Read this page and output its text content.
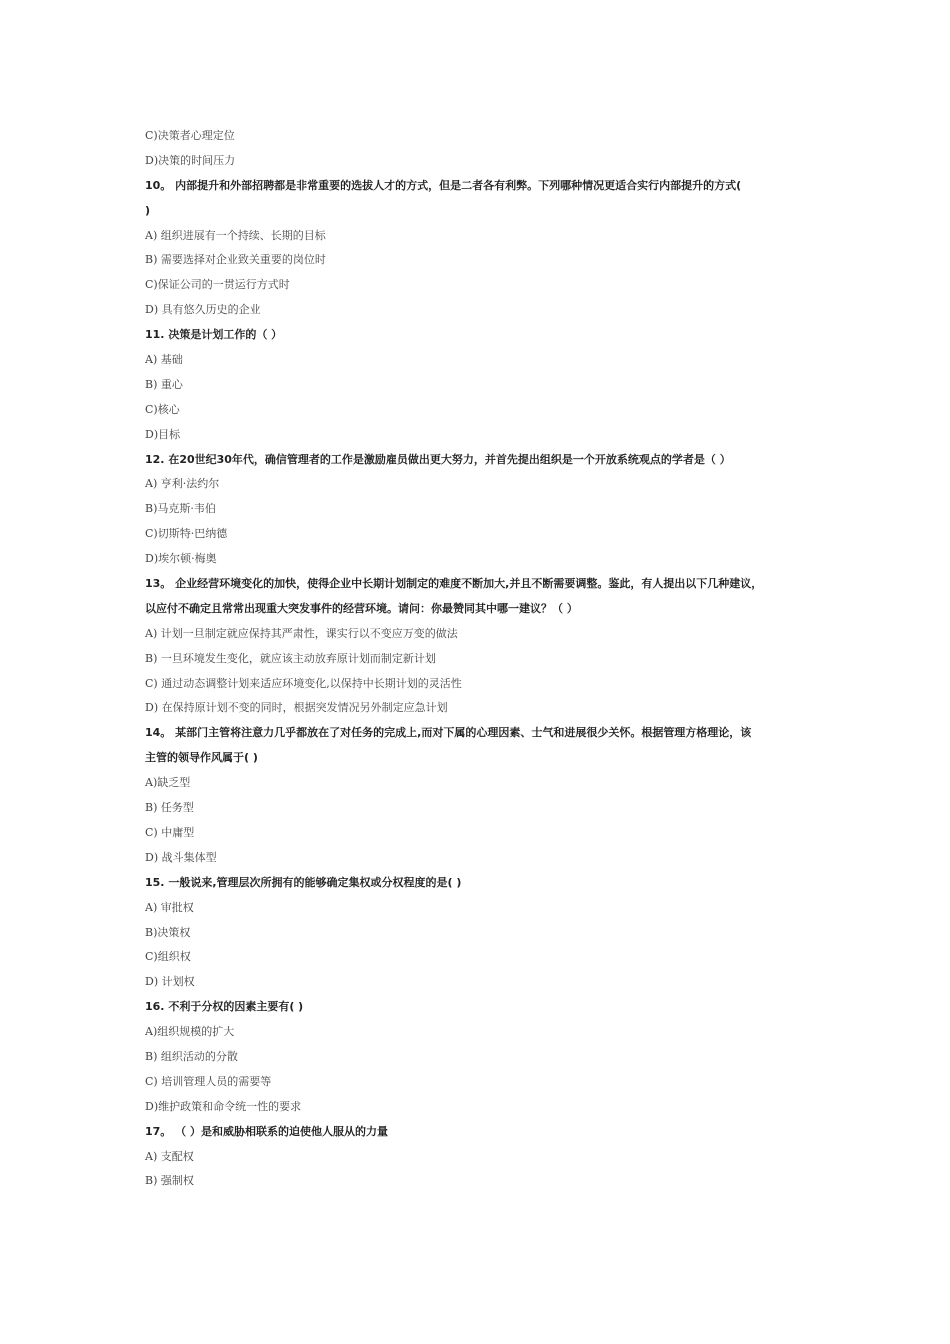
C)决策者心理定位
D)决策的时间压力
10。 内部提升和外部招聘都是非常重要的选拔人才的方式，但是二者各有利弊。下列哪种情况更适合实行内部提升的方式(
)
A) 组织进展有一个持续、长期的目标
B) 需要选择对企业致关重要的岗位时
C)保证公司的一贯运行方式时
D) 具有悠久历史的企业
11. 决策是计划工作的（ ）
A) 基础
B) 重心
C)核心
D)目标
12. 在20世纪30年代，确信管理者的工作是激励雇员做出更大努力，并首先提出组织是一个开放系统观点的学者是（ ）
A) 亨利·法约尔
B)马克斯·韦伯
C)切斯特·巴纳德
D)埃尔顿·梅奥
13。 企业经营环境变化的加快，使得企业中长期计划制定的难度不断加大,并且不断需要调整。鉴此，有人提出以下几种建议，
以应付不确定且常常出现重大突发事件的经营环境。请问：你最赞同其中哪一建议？（ ）
A) 计划一旦制定就应保持其严肃性，课实行以不变应万变的做法
B) 一旦环境发生变化，就应该主动放弃原计划而制定新计划
C) 通过动态调整计划来适应环境变化,以保持中长期计划的灵活性
D) 在保持原计划不变的同时，根据突发情况另外制定应急计划
14。 某部门主管将注意力几乎都放在了对任务的完成上,而对下属的心理因素、士气和进展很少关怀。根据管理方格理论，该
主管的领导作风属于( )
A)缺乏型
B) 任务型
C) 中庸型
D) 战斗集体型
15. 一般说来,管理层次所拥有的能够确定集权或分权程度的是( )
A) 审批权
B)决策权
C)组织权
D) 计划权
16. 不利于分权的因素主要有( )
A)组织规模的扩大
B) 组织活动的分散
C) 培训管理人员的需要等
D)维护政策和命令统一性的要求
17。 （ ）是和威胁相联系的迫使他人服从的力量
A) 支配权
B) 强制权
